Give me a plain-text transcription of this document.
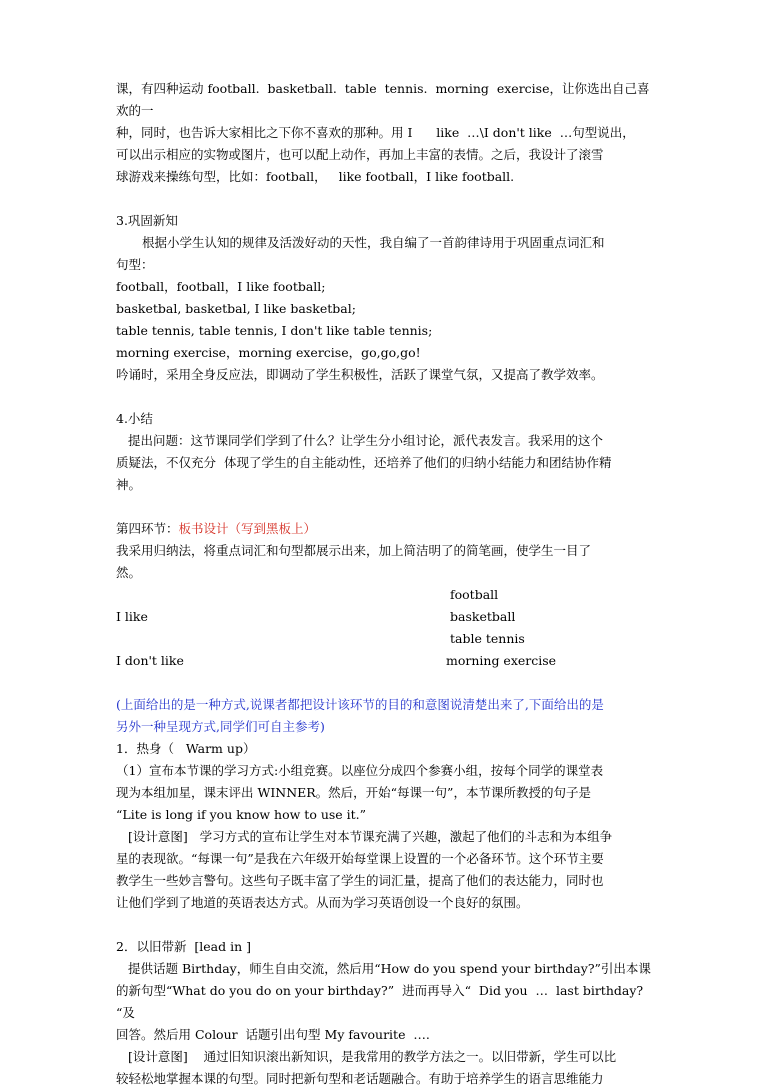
课，有四种运动 football.  basketball.  table  tennis.  morning  exercise，让你选出自己喜欢的一

种，同时，也告诉大家相比之下你不喜欢的那种。用 I      like  …\I don't like  …句型说出，

可以出示相应的实物或图片，也可以配上动作，再加上丰富的表情。之后，我设计了滚雪

球游戏来操练句型，比如：football，   like football，I like football.

3.巩固新知

根据小学生认知的规律及活泼好动的天性，我自编了一首韵律诗用于巩固重点词汇和

句型：

football，football，I like football;

basketbal, basketbal, I like basketbal;

table tennis, table tennis, I don't like table tennis;

morning exercise，morning exercise，go,go,go!

吟诵时，采用全身反应法，即调动了学生积极性，活跃了课堂气氛，又提高了教学效率。

4.小结

提出问题：这节课同学们学到了什么？让学生分小组讨论，派代表发言。我采用的这个

质疑法，不仅充分  体现了学生的自主能动性，还培养了他们的归纳小结能力和团结协作精

神。

第四环节：板书设计（写到黑板上）

我采用归纳法，将重点词汇和句型都展示出来，加上简洁明了的简笔画，使学生一目了

然。

football
I like	basketball
table tennis
I don't like	morning exercise

(上面给出的是一种方式,说课者都把设计该环节的目的和意图说清楚出来了,下面给出的是

另外一种呈现方式,同学们可自主参考)

1．热身（   Warm up）

（1）宣布本节课的学习方式:小组竞赛。以座位分成四个参赛小组，按每个同学的课堂表

现为本组加星，课末评出 WINNER。然后，开始“每课一句”，本节课所教授的句子是

“Lite is long if you know how to use it.”

[设计意图]   学习方式的宣布让学生对本节课充满了兴趣，激起了他们的斗志和为本组争

星的表现欲。“每课一句”是我在六年级开始每堂课上设置的一个必备环节。这个环节主要

教学生一些妙言警句。这些句子既丰富了学生的词汇量，提高了他们的表达能力，同时也

让他们学到了地道的英语表达方式。从而为学习英语创设一个良好的氛围。

2．以旧带新  [lead in ]

提供话题 Birthday，师生自由交流，然后用“How do you spend your birthday?”引出本课

的新句型“What do you do on your birthday?”  进而再导入“  Did you  …  last birthday?  “及

回答。然后用 Colour  话题引出句型 My favourite  ….

[设计意图]    通过旧知识滚出新知识，是我常用的教学方法之一。以旧带新，学生可以比

较轻松地掌握本课的句型。同时把新句型和老话题融合。有助于培养学生的语言思维能力
